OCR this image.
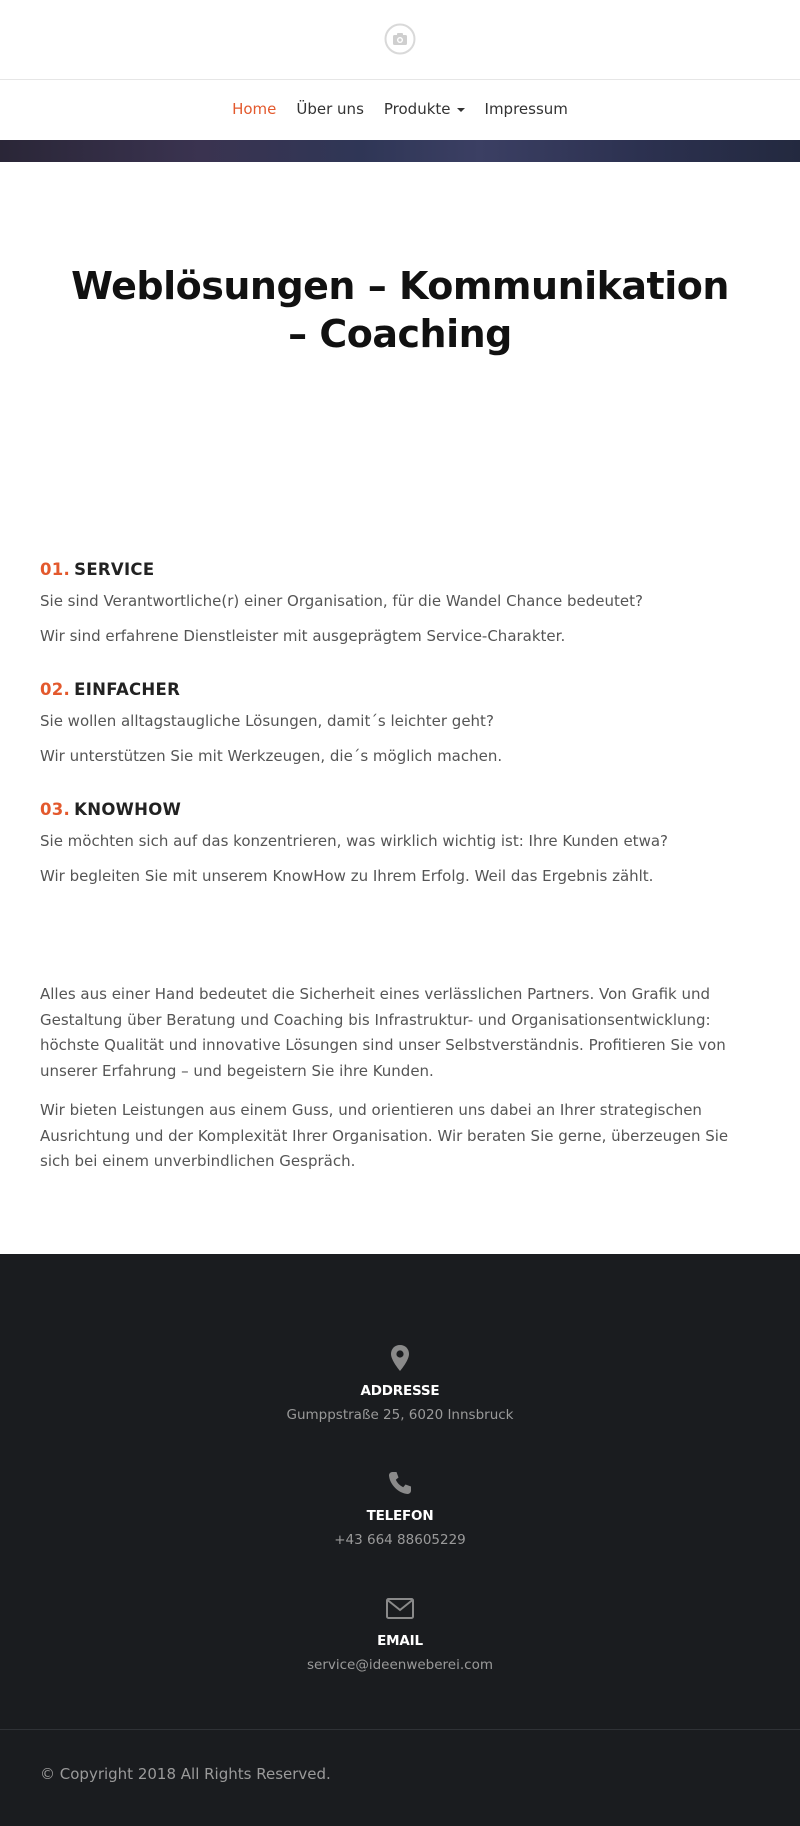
Home Über uns Produkte	Impressum
Weblösungen – Kommunikation – Coaching
01. SERVICE

Sie sind Verantwortliche(r) einer Organisation, für die Wandel Chance bedeutet?

Wir sind erfahrene Dienstleister mit ausgeprägtem Service-Charakter.

02. EINFACHER

Sie wollen alltagstaugliche Lösungen, damit´s leichter geht?

Wir unterstützen Sie mit Werkzeugen, die´s möglich machen.

03. KNOWHOW

Sie möchten sich auf das konzentrieren, was wirklich wichtig ist: Ihre Kunden etwa?

Wir begleiten Sie mit unserem KnowHow zu Ihrem Erfolg. Weil das Ergebnis zählt.

Alles aus einer Hand bedeutet die Sicherheit eines verlässlichen Partners. Von Grafik und Gestaltung über Beratung und Coaching bis Infrastruktur- und Organisationsentwicklung: höchste Qualität und innovative Lösungen sind unser Selbstverständnis. Profitieren Sie von unserer Erfahrung – und begeistern Sie ihre Kunden.

Wir bieten Leistungen aus einem Guss, und orientieren uns dabei an Ihrer strategischen Ausrichtung und der Komplexität Ihrer Organisation. Wir beraten Sie gerne, überzeugen Sie sich bei einem unverbindlichen Gespräch.

ADDRESSE
Gumppstraße 25, 6020 Innsbruck
TELEFON
+43 664 88605229
EMAIL
service@ideenweberei.com
© Copyright 2018 All Rights Reserved.
